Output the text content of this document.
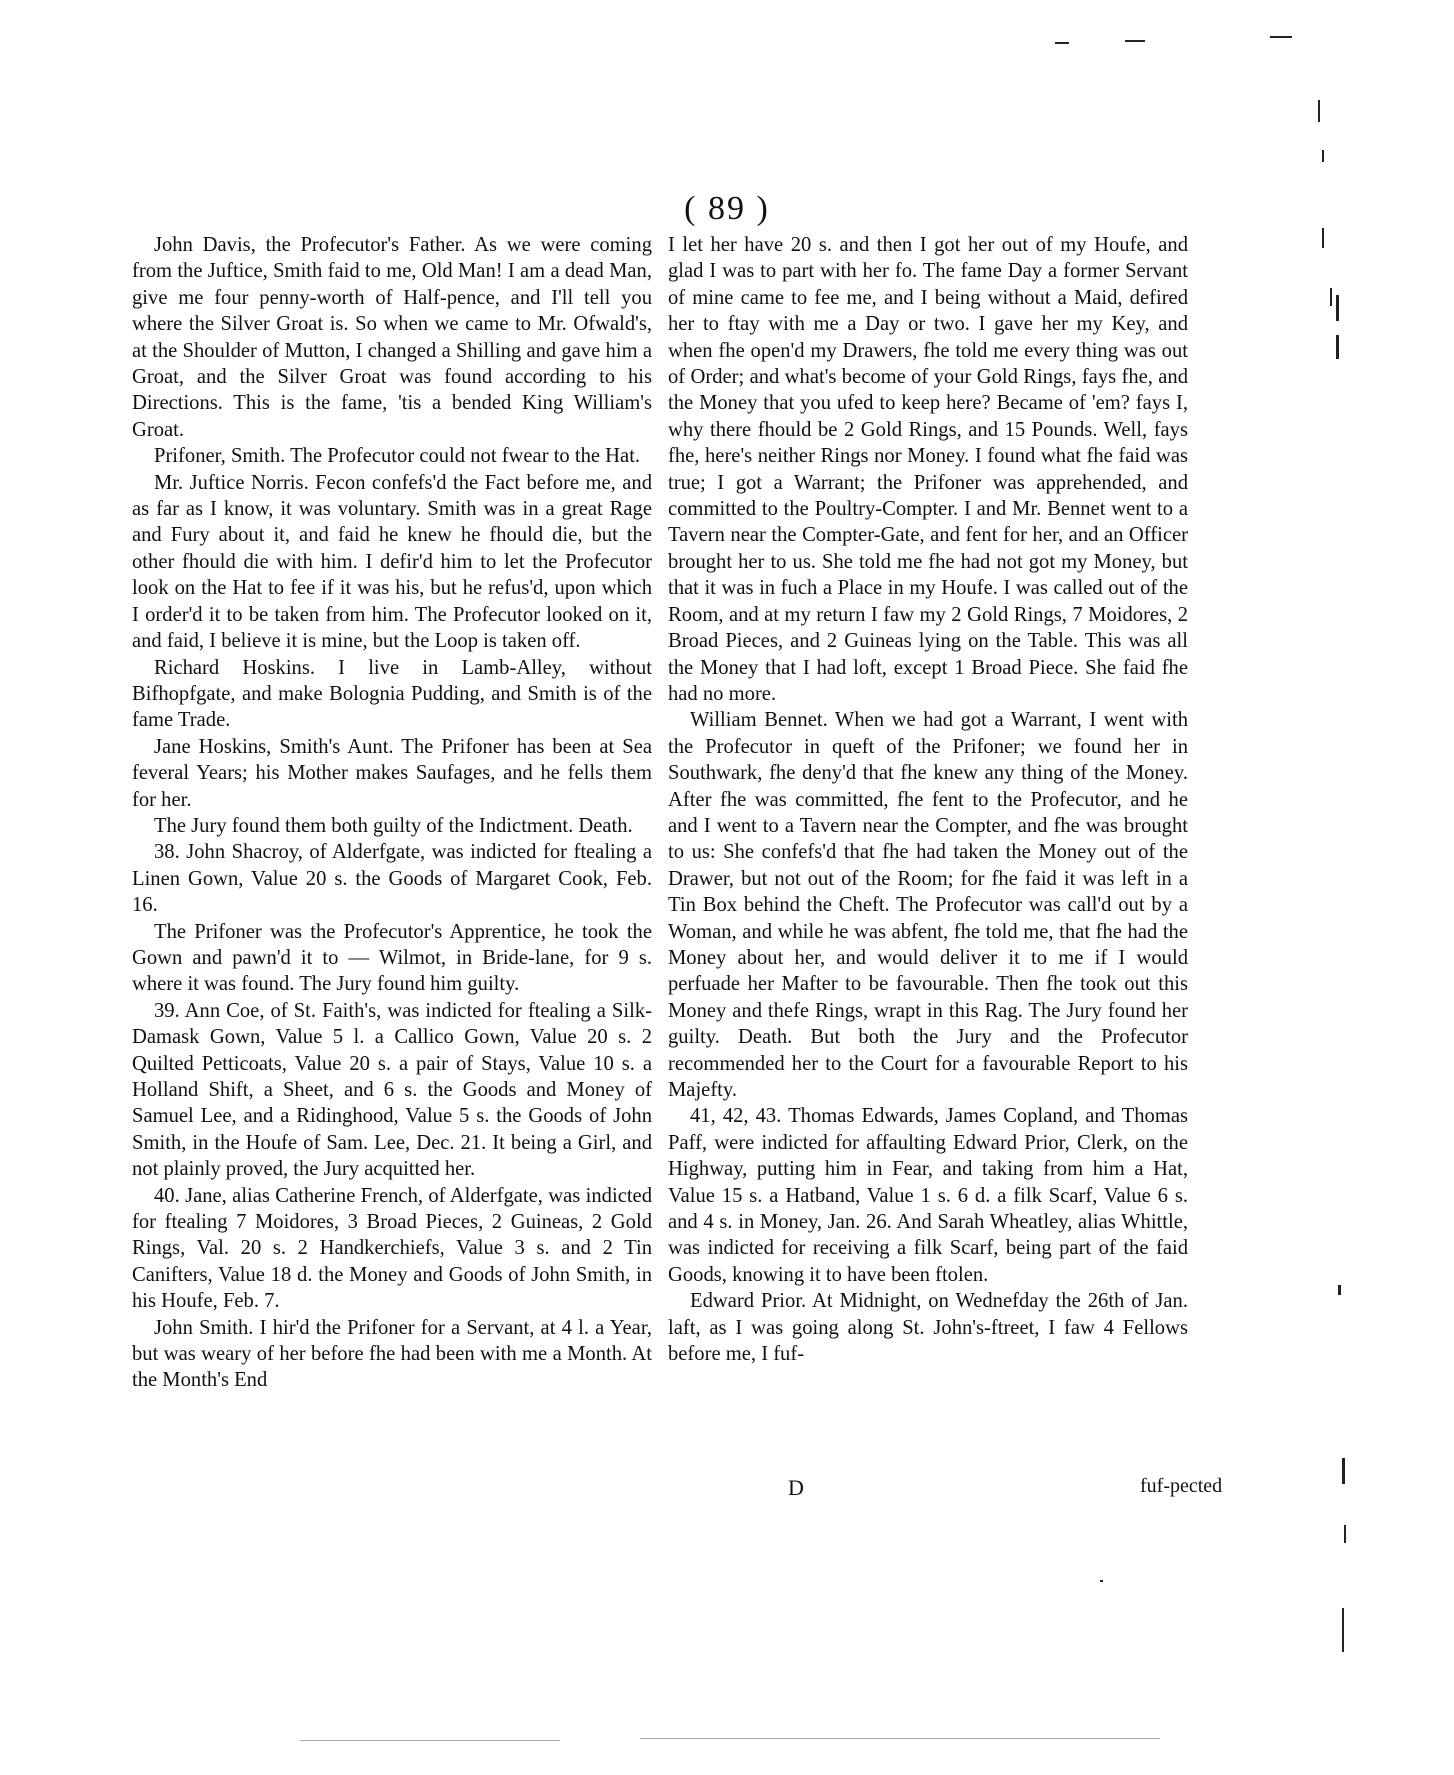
( 89 )

John Davis, the Profecutor's Father. As we were coming from the Juftice, Smith faid to me, Old Man! I am a dead Man, give me four penny-worth of Half-pence, and I'll tell you where the Silver Groat is. So when we came to Mr. Ofwald's, at the Shoulder of Mutton, I changed a Shilling and gave him a Groat, and the Silver Groat was found according to his Directions. This is the fame, 'tis a bended King William's Groat.

Prifoner, Smith. The Profecutor could not fwear to the Hat.

Mr. Juftice Norris. Fecon confefs'd the Fact before me, and as far as I know, it was voluntary. Smith was in a great Rage and Fury about it, and faid he knew he fhould die, but the other fhould die with him. I defir'd him to let the Profecutor look on the Hat to fee if it was his, but he refus'd, upon which I order'd it to be taken from him. The Profecutor looked on it, and faid, I believe it is mine, but the Loop is taken off.

Richard Hoskins. I live in Lamb-Alley, without Bifhopfgate, and make Bolognia Pudding, and Smith is of the fame Trade.

Jane Hoskins, Smith's Aunt. The Prifoner has been at Sea feveral Years; his Mother makes Saufages, and he fells them for her.

The Jury found them both guilty of the Indictment. Death.

38. John Shacroy, of Alderfgate, was indicted for ftealing a Linen Gown, Value 20 s. the Goods of Margaret Cook, Feb. 16.

The Prifoner was the Profecutor's Apprentice, he took the Gown and pawn'd it to — Wilmot, in Bride-lane, for 9 s. where it was found. The Jury found him guilty.

39. Ann Coe, of St. Faith's, was indicted for ftealing a Silk-Damask Gown, Value 5 l. a Callico Gown, Value 20 s. 2 Quilted Petticoats, Value 20 s. a pair of Stays, Value 10 s. a Holland Shift, a Sheet, and 6 s. the Goods and Money of Samuel Lee, and a Ridinghood, Value 5 s. the Goods of John Smith, in the Houfe of Sam. Lee, Dec. 21. It being a Girl, and not plainly proved, the Jury acquitted her.

40. Jane, alias Catherine French, of Alderfgate, was indicted for ftealing 7 Moidores, 3 Broad Pieces, 2 Guineas, 2 Gold Rings, Val. 20 s. 2 Handkerchiefs, Value 3 s. and 2 Tin Canifters, Value 18 d. the Money and Goods of John Smith, in his Houfe, Feb. 7.

John Smith. I hir'd the Prifoner for a Servant, at 4 l. a Year, but was weary of her before fhe had been with me a Month. At the Month's End

I let her have 20 s. and then I got her out of my Houfe, and glad I was to part with her fo. The fame Day a former Servant of mine came to fee me, and I being without a Maid, defired her to ftay with me a Day or two. I gave her my Key, and when fhe open'd my Drawers, fhe told me every thing was out of Order; and what's become of your Gold Rings, fays fhe, and the Money that you ufed to keep here? Became of 'em? fays I, why there fhould be 2 Gold Rings, and 15 Pounds. Well, fays fhe, here's neither Rings nor Money. I found what fhe faid was true; I got a Warrant; the Prifoner was apprehended, and committed to the Poultry-Compter. I and Mr. Bennet went to a Tavern near the Compter-Gate, and fent for her, and an Officer brought her to us. She told me fhe had not got my Money, but that it was in fuch a Place in my Houfe. I was called out of the Room, and at my return I faw my 2 Gold Rings, 7 Moidores, 2 Broad Pieces, and 2 Guineas lying on the Table. This was all the Money that I had loft, except 1 Broad Piece. She faid fhe had no more.

William Bennet. When we had got a Warrant, I went with the Profecutor in queft of the Prifoner; we found her in Southwark, fhe deny'd that fhe knew any thing of the Money. After fhe was committed, fhe fent to the Profecutor, and he and I went to a Tavern near the Compter, and fhe was brought to us: She confefs'd that fhe had taken the Money out of the Drawer, but not out of the Room; for fhe faid it was left in a Tin Box behind the Cheft. The Profecutor was call'd out by a Woman, and while he was abfent, fhe told me, that fhe had the Money about her, and would deliver it to me if I would perfuade her Mafter to be favourable. Then fhe took out this Money and thefe Rings, wrapt in this Rag. The Jury found her guilty. Death. But both the Jury and the Profecutor recommended her to the Court for a favourable Report to his Majefty.

41, 42, 43. Thomas Edwards, James Copland, and Thomas Paff, were indicted for affaulting Edward Prior, Clerk, on the Highway, putting him in Fear, and taking from him a Hat, Value 15 s. a Hatband, Value 1 s. 6 d. a filk Scarf, Value 6 s. and 4 s. in Money, Jan. 26. And Sarah Wheatley, alias Whittle, was indicted for receiving a filk Scarf, being part of the faid Goods, knowing it to have been ftolen.

Edward Prior. At Midnight, on Wednefday the 26th of Jan. laft, as I was going along St. John's-ftreet, I faw 4 Fellows before me, I fuf-

D	fuf-pected
